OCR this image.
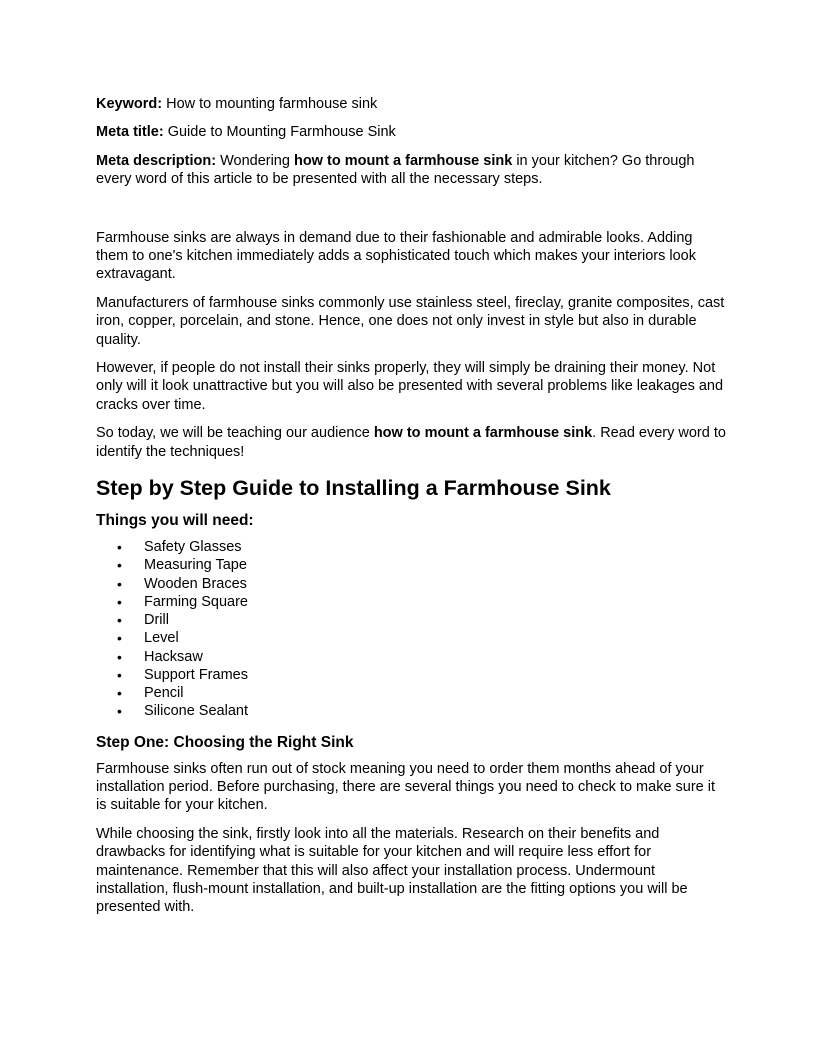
Keyword: How to mounting farmhouse sink

Meta title: Guide to Mounting Farmhouse Sink

Meta description: Wondering how to mount a farmhouse sink in your kitchen? Go through every word of this article to be presented with all the necessary steps.

Farmhouse sinks are always in demand due to their fashionable and admirable looks. Adding them to one's kitchen immediately adds a sophisticated touch which makes your interiors look extravagant.

Manufacturers of farmhouse sinks commonly use stainless steel, fireclay, granite composites, cast iron, copper, porcelain, and stone. Hence, one does not only invest in style but also in durable quality.

However, if people do not install their sinks properly, they will simply be draining their money. Not only will it look unattractive but you will also be presented with several problems like leakages and cracks over time.

So today, we will be teaching our audience how to mount a farmhouse sink. Read every word to identify the techniques!

Step by Step Guide to Installing a Farmhouse Sink
Things you will need:
• Safety Glasses
• Measuring Tape
• Wooden Braces
• Farming Square
• Drill
• Level
• Hacksaw
• Support Frames
• Pencil
• Silicone Sealant
Step One: Choosing the Right Sink

Farmhouse sinks often run out of stock meaning you need to order them months ahead of your installation period. Before purchasing, there are several things you need to check to make sure it is suitable for your kitchen.

While choosing the sink, firstly look into all the materials. Research on their benefits and drawbacks for identifying what is suitable for your kitchen and will require less effort for maintenance. Remember that this will also affect your installation process. Undermount installation, flush-mount installation, and built-up installation are the fitting options you will be presented with.
